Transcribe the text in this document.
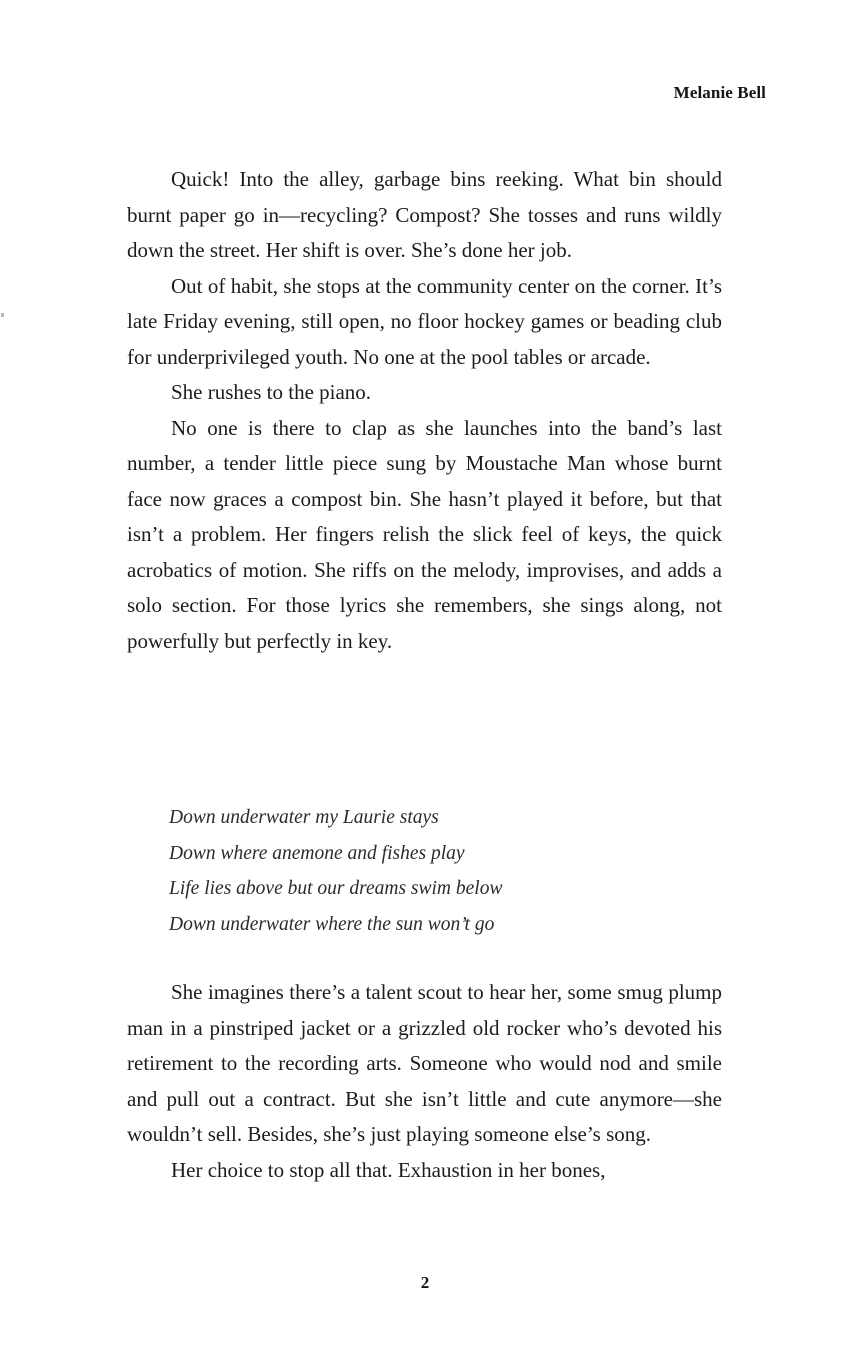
Melanie Bell

Quick! Into the alley, garbage bins reeking. What bin should burnt paper go in—recycling? Compost? She tosses and runs wildly down the street. Her shift is over. She’s done her job.

Out of habit, she stops at the community center on the corner. It’s late Friday evening, still open, no floor hockey games or beading club for underprivileged youth. No one at the pool tables or arcade.

She rushes to the piano.

No one is there to clap as she launches into the band’s last number, a tender little piece sung by Moustache Man whose burnt face now graces a compost bin. She hasn’t played it before, but that isn’t a problem. Her fingers relish the slick feel of keys, the quick acrobatics of motion. She riffs on the melody, improvises, and adds a solo section. For those lyrics she remembers, she sings along, not powerfully but perfectly in key.

Down underwater my Laurie stays
Down where anemone and fishes play
Life lies above but our dreams swim below
Down underwater where the sun won’t go

She imagines there’s a talent scout to hear her, some smug plump man in a pinstriped jacket or a grizzled old rocker who’s devoted his retirement to the recording arts. Someone who would nod and smile and pull out a contract. But she isn’t little and cute anymore—she wouldn’t sell. Besides, she’s just playing someone else’s song.

Her choice to stop all that. Exhaustion in her bones,

2
